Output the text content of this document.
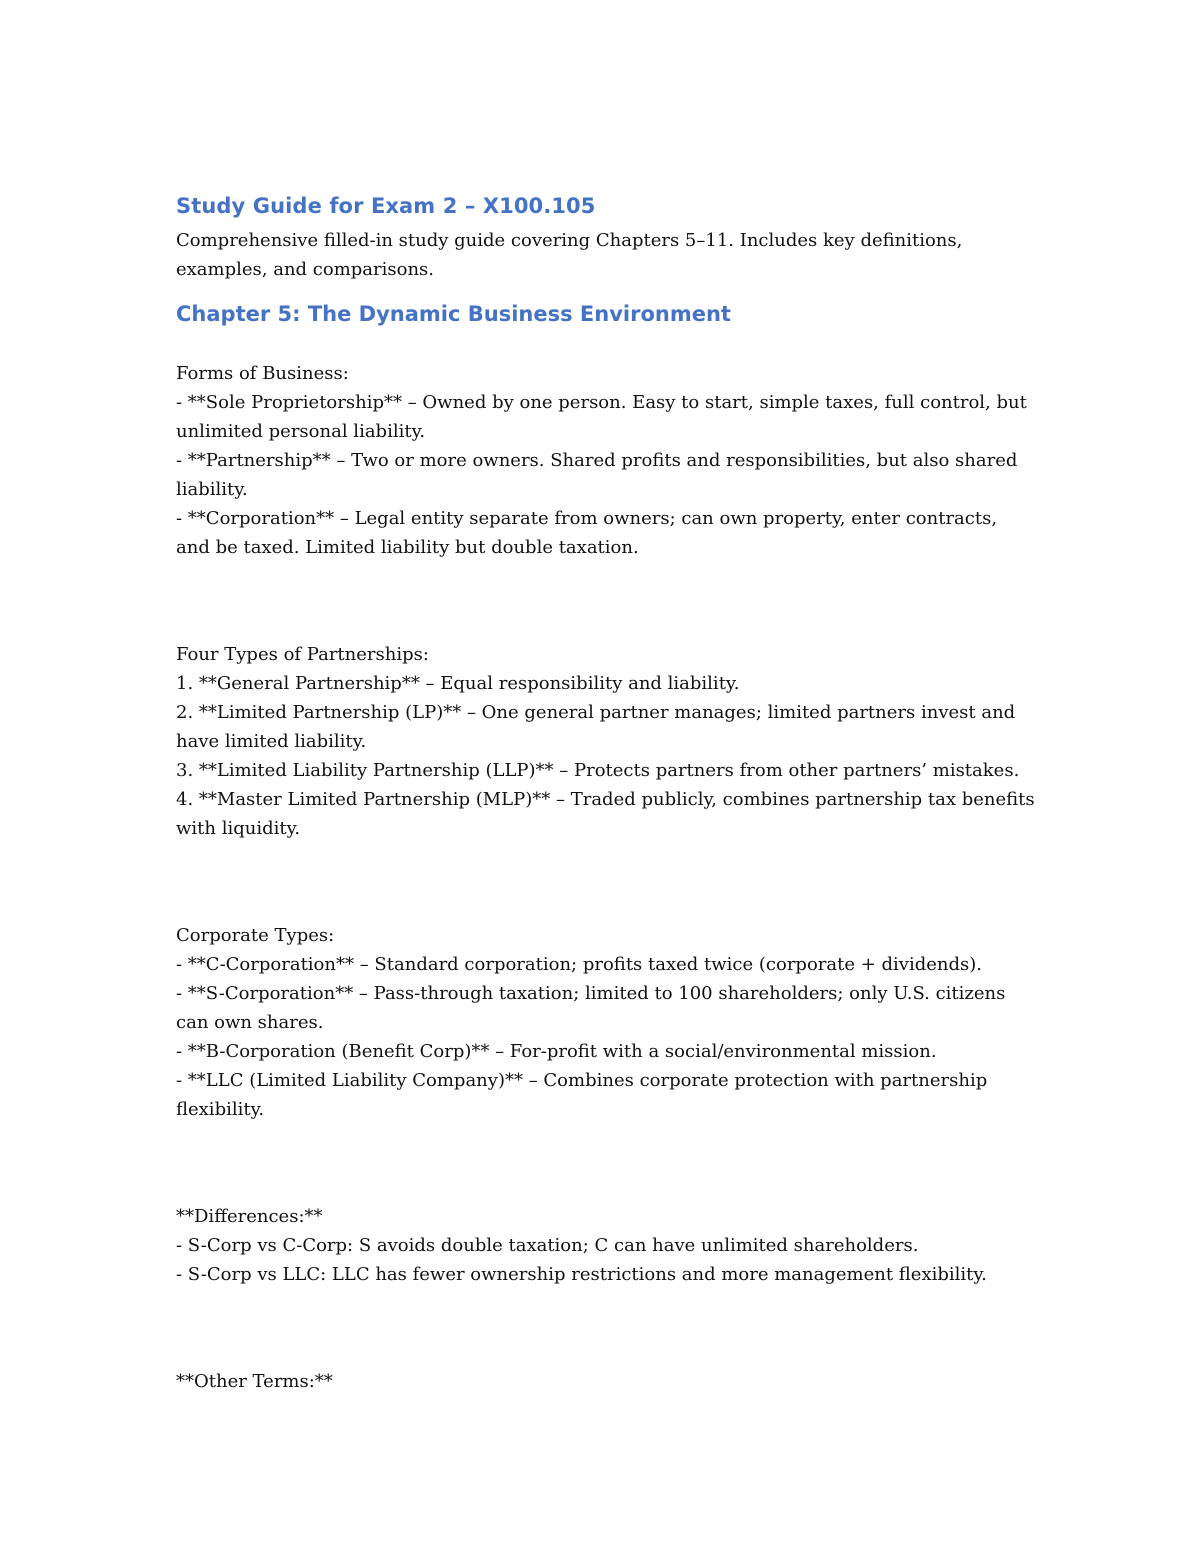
Study Guide for Exam 2 – X100.105

Comprehensive filled-in study guide covering Chapters 5–11. Includes key definitions, examples, and comparisons.

Chapter 5: The Dynamic Business Environment

Forms of Business:

- **Sole Proprietorship** – Owned by one person. Easy to start, simple taxes, full control, but unlimited personal liability.

- **Partnership** – Two or more owners. Shared profits and responsibilities, but also shared liability.

- **Corporation** – Legal entity separate from owners; can own property, enter contracts, and be taxed. Limited liability but double taxation.

Four Types of Partnerships:

1. **General Partnership** – Equal responsibility and liability.

2. **Limited Partnership (LP)** – One general partner manages; limited partners invest and have limited liability.

3. **Limited Liability Partnership (LLP)** – Protects partners from other partners’ mistakes.

4. **Master Limited Partnership (MLP)** – Traded publicly, combines partnership tax benefits with liquidity.

Corporate Types:

- **C-Corporation** – Standard corporation; profits taxed twice (corporate + dividends).

- **S-Corporation** – Pass-through taxation; limited to 100 shareholders; only U.S. citizens can own shares.

- **B-Corporation (Benefit Corp)** – For-profit with a social/environmental mission.

- **LLC (Limited Liability Company)** – Combines corporate protection with partnership flexibility.

**Differences:**

- S-Corp vs C-Corp: S avoids double taxation; C can have unlimited shareholders.

- S-Corp vs LLC: LLC has fewer ownership restrictions and more management flexibility.

**Other Terms:**
